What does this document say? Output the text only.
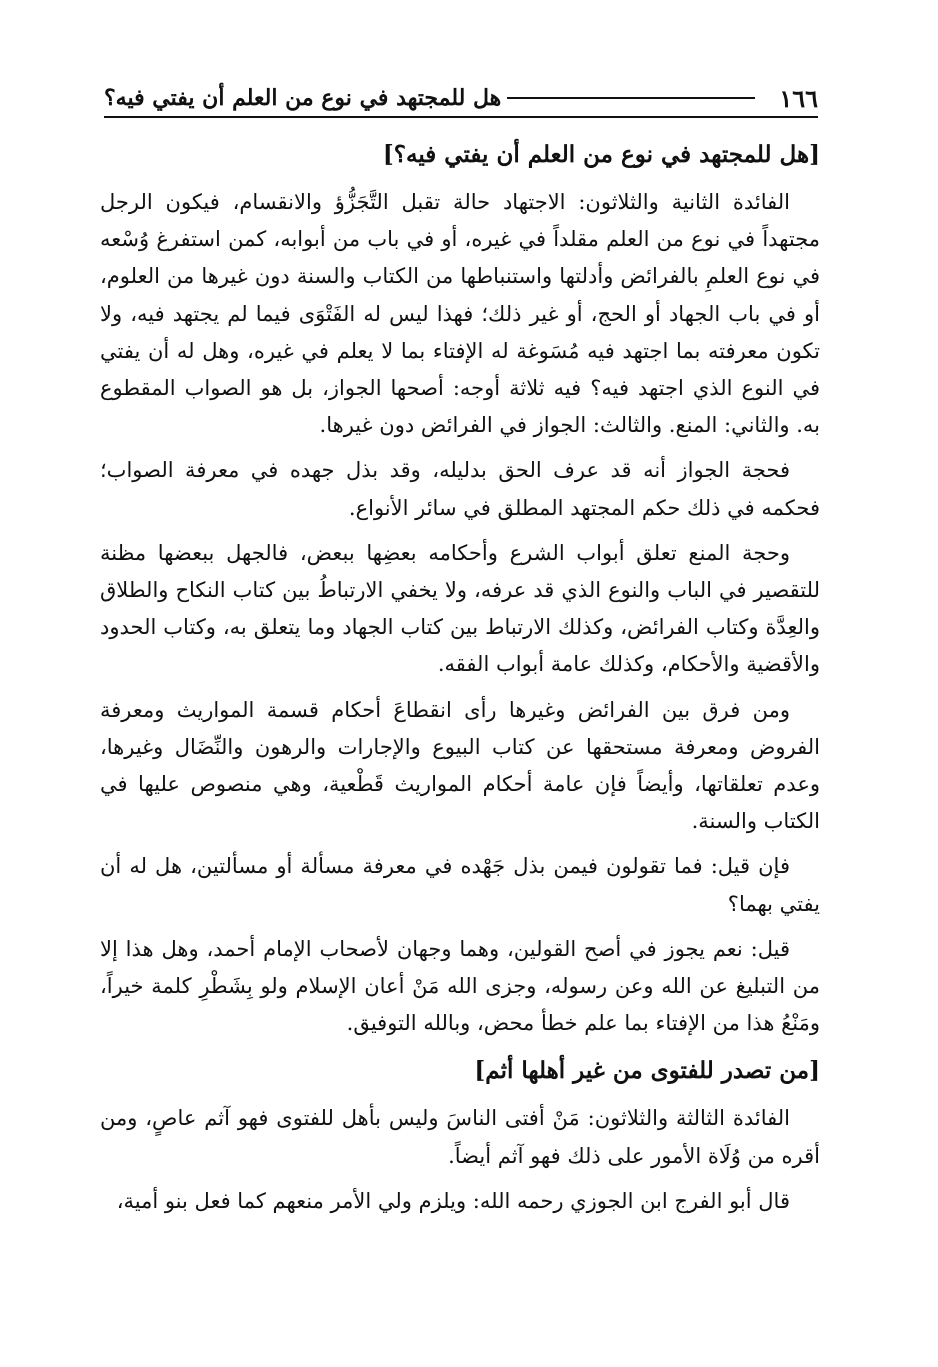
١٦٦
هل للمجتهد في نوع من العلم أن يفتي فيه؟
[هل للمجتهد في نوع من العلم أن يفتي فيه؟]

الفائدة الثانية والثلاثون: الاجتهاد حالة تقبل التَّجَزُّؤ والانقسام، فيكون الرجل مجتهداً في نوع من العلم مقلداً في غيره، أو في باب من أبوابه، كمن استفرغ وُسْعه في نوع العلمِ بالفرائض وأدلتها واستنباطها من الكتاب والسنة دون غيرها من العلوم، أو في باب الجهاد أو الحج، أو غير ذلك؛ فهذا ليس له الفَتْوَى فيما لم يجتهد فيه، ولا تكون معرفته بما اجتهد فيه مُسَوغة له الإفتاء بما لا يعلم في غيره، وهل له أن يفتي في النوع الذي اجتهد فيه؟ فيه ثلاثة أوجه: أصحها الجواز، بل هو الصواب المقطوع به. والثاني: المنع. والثالث: الجواز في الفرائض دون غيرها.

فحجة الجواز أنه قد عرف الحق بدليله، وقد بذل جهده في معرفة الصواب؛ فحكمه في ذلك حكم المجتهد المطلق في سائر الأنواع.

وحجة المنع تعلق أبواب الشرع وأحكامه بعضِها ببعض، فالجهل ببعضها مظنة للتقصير في الباب والنوع الذي قد عرفه، ولا يخفي الارتباطُ بين كتاب النكاح والطلاق والعِدَّة وكتاب الفرائض، وكذلك الارتباط بين كتاب الجهاد وما يتعلق به، وكتاب الحدود والأقضية والأحكام، وكذلك عامة أبواب الفقه.

ومن فرق بين الفرائض وغيرها رأى انقطاعَ أحكام قسمة المواريث ومعرفة الفروض ومعرفة مستحقها عن كتاب البيوع والإجارات والرهون والنِّضَال وغيرها، وعدم تعلقاتها، وأيضاً فإن عامة أحكام المواريث قَطْعية، وهي منصوص عليها في الكتاب والسنة.

فإن قيل: فما تقولون فيمن بذل جَهْده في معرفة مسألة أو مسألتين، هل له أن يفتي بهما؟

قيل: نعم يجوز في أصح القولين، وهما وجهان لأصحاب الإمام أحمد، وهل هذا إلا من التبليغ عن الله وعن رسوله، وجزى الله مَنْ أعان الإسلام ولو بِشَطْرِ كلمة خيراً، ومَنْعُ هذا من الإفتاء بما علم خطأ محض، وبالله التوفيق.

[من تصدر للفتوى من غير أهلها أثم]

الفائدة الثالثة والثلاثون: مَنْ أفتى الناسَ وليس بأهل للفتوى فهو آثم عاصٍ، ومن أقره من وُلَاة الأمور على ذلك فهو آثم أيضاً.

قال أبو الفرج ابن الجوزي رحمه الله: ويلزم ولي الأمر منعهم كما فعل بنو أمية،
